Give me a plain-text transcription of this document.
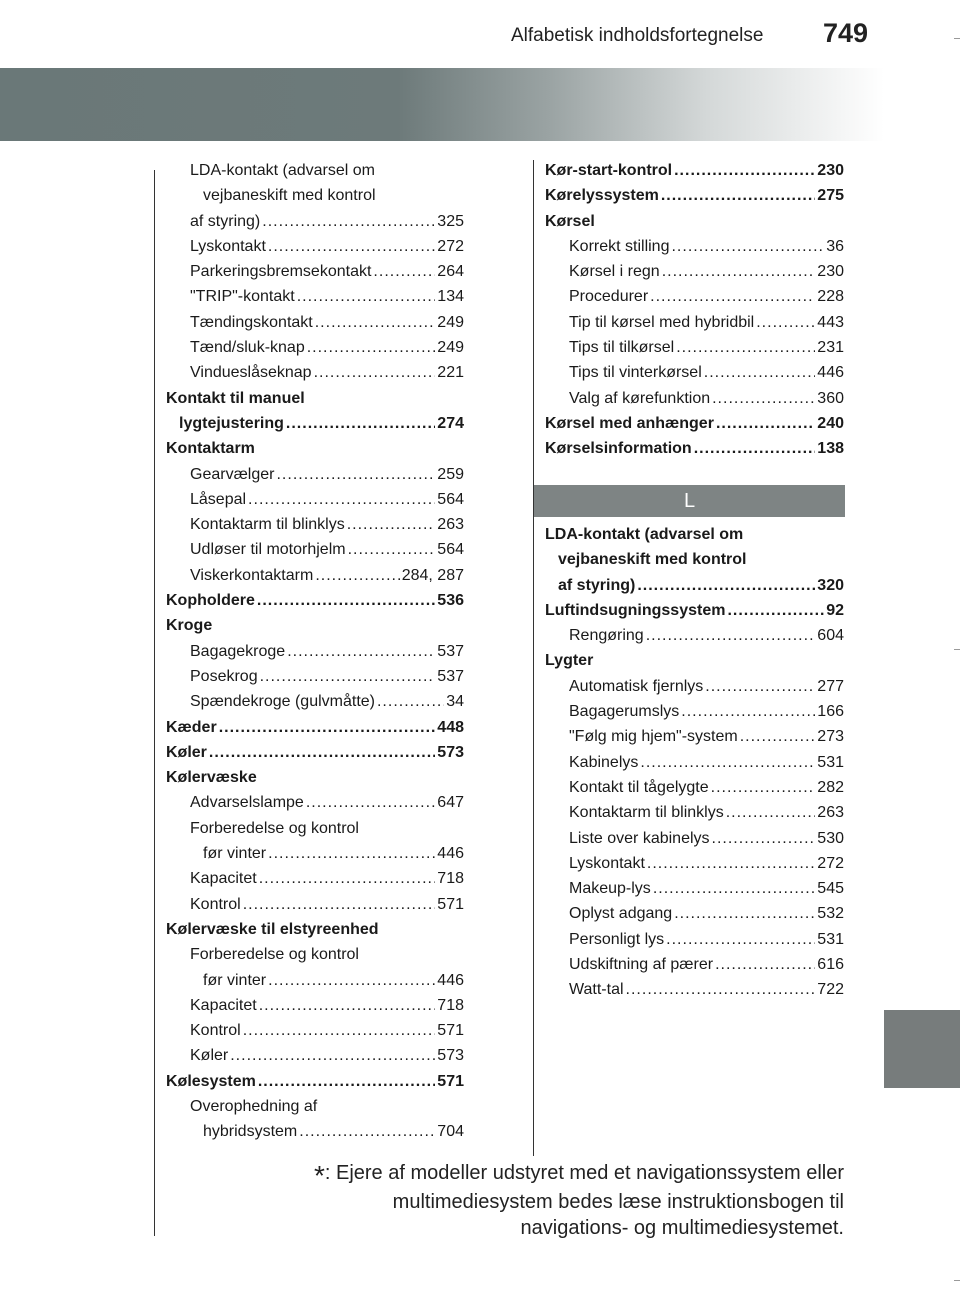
Alfabetisk indholdsfortegnelse 749
LDA-kontakt (advarsel om
vejbaneskift med kontrol
af styring) .....	325
Lyskontakt .....	272
Parkeringsbremsekontakt .....	264
"TRIP"-kontakt .....	134
Tændingskontakt .....	249
Tænd/sluk-knap .....	249
Vindueslåseknap .....	221
Kontakt til manuel
lygtejustering .....	274
Kontaktarm
Gearvælger .....	259
Låsepal .....	564
Kontaktarm til blinklys .....	263
Udløser til motorhjelm .....	564
Viskerkontaktarm .....	284, 287
Kopholdere .....	536
Kroge
Bagagekroge .....	537
Posekrog .....	537
Spændekroge (gulvmåtte) .....	34
Kæder .....	448
Køler .....	573
Kølervæske
Advarselslampe .....	647
Forberedelse og kontrol
før vinter .....	446
Kapacitet .....	718
Kontrol .....	571
Kølervæske til elstyreenhed
Forberedelse og kontrol
før vinter .....	446
Kapacitet .....	718
Kontrol .....	571
Køler .....	573
Kølesystem .....	571
Overophedning af
hybridsystem .....	704
Kør-start-kontrol .....	230
Kørelyssystem .....	275
Kørsel
Korrekt stilling .....	36
Kørsel i regn .....	230
Procedurer .....	228
Tip til kørsel med hybridbil .....	443
Tips til tilkørsel .....	231
Tips til vinterkørsel .....	446
Valg af kørefunktion .....	360
Kørsel med anhænger .....	240
Kørselsinformation .....	138
L
LDA-kontakt (advarsel om
vejbaneskift med kontrol
af styring) .....	320
Luftindsugningssystem .....	92
Rengøring .....	604
Lygter
Automatisk fjernlys .....	277
Bagagerumslys .....	166
"Følg mig hjem"-system .....	273
Kabinelys .....	531
Kontakt til tågelygte .....	282
Kontaktarm til blinklys .....	263
Liste over kabinelys .....	530
Lyskontakt .....	272
Makeup-lys .....	545
Oplyst adgang .....	532
Personligt lys .....	531
Udskiftning af pærer .....	616
Watt-tal .....	722
*: Ejere af modeller udstyret med et navigationssystem eller
multimediesystem bedes læse instruktionsbogen til
navigations- og multimediesystemet.
